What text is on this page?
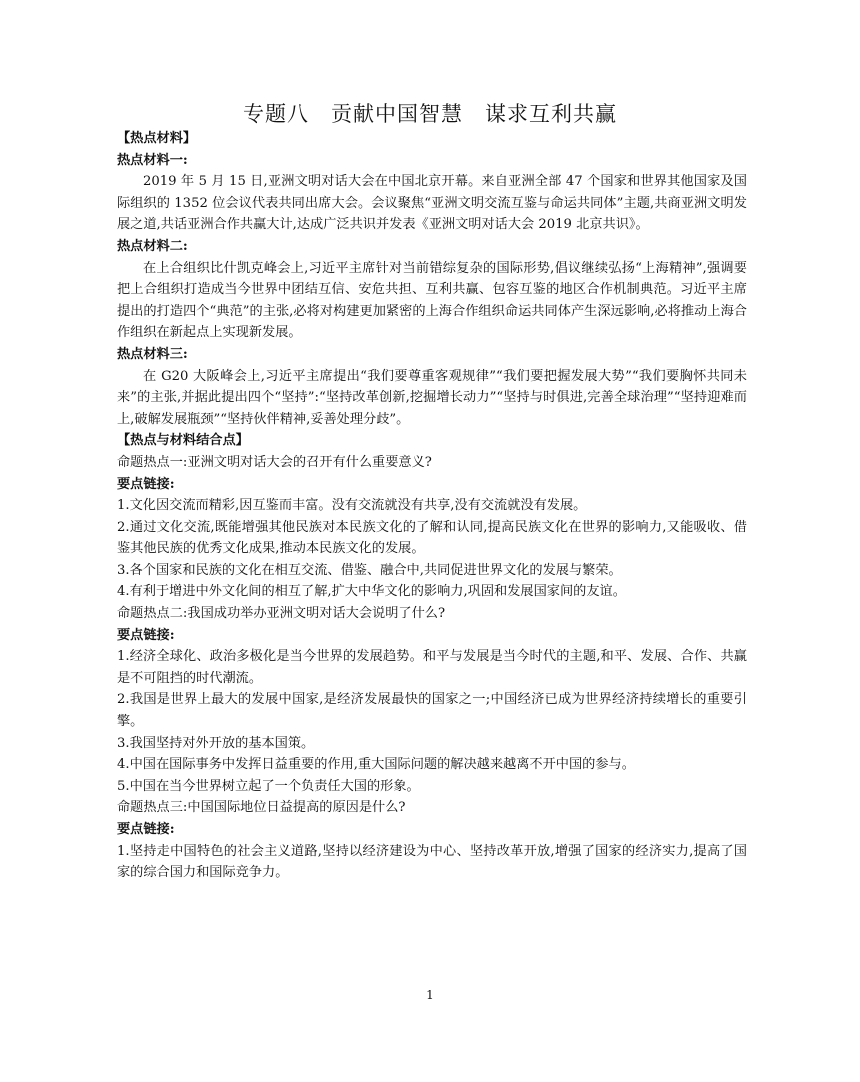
专题八　贡献中国智慧　谋求互利共赢

【热点材料】

热点材料一:

2019 年 5 月 15 日,亚洲文明对话大会在中国北京开幕。来自亚洲全部 47 个国家和世界其他国家及国际组织的 1352 位会议代表共同出席大会。会议聚焦“亚洲文明交流互鉴与命运共同体”主题,共商亚洲文明发展之道,共话亚洲合作共赢大计,达成广泛共识并发表《亚洲文明对话大会 2019 北京共识》。

热点材料二:

在上合组织比什凯克峰会上,习近平主席针对当前错综复杂的国际形势,倡议继续弘扬“上海精神”,强调要把上合组织打造成当今世界中团结互信、安危共担、互利共赢、包容互鉴的地区合作机制典范。习近平主席提出的打造四个“典范”的主张,必将对构建更加紧密的上海合作组织命运共同体产生深远影响,必将推动上海合作组织在新起点上实现新发展。

热点材料三:

在 G20 大阪峰会上,习近平主席提出“我们要尊重客观规律”“我们要把握发展大势”“我们要胸怀共同未来”的主张,并据此提出四个“坚持”:“坚持改革创新,挖掘增长动力”“坚持与时俱进,完善全球治理”“坚持迎难而上,破解发展瓶颈”“坚持伙伴精神,妥善处理分歧”。

【热点与材料结合点】

命题热点一:亚洲文明对话大会的召开有什么重要意义?

要点链接:

1.文化因交流而精彩,因互鉴而丰富。没有交流就没有共享,没有交流就没有发展。

2.通过文化交流,既能增强其他民族对本民族文化的了解和认同,提高民族文化在世界的影响力,又能吸收、借鉴其他民族的优秀文化成果,推动本民族文化的发展。

3.各个国家和民族的文化在相互交流、借鉴、融合中,共同促进世界文化的发展与繁荣。

4.有利于增进中外文化间的相互了解,扩大中华文化的影响力,巩固和发展国家间的友谊。

命题热点二:我国成功举办亚洲文明对话大会说明了什么?

要点链接:

1.经济全球化、政治多极化是当今世界的发展趋势。和平与发展是当今时代的主题,和平、发展、合作、共赢是不可阻挡的时代潮流。

2.我国是世界上最大的发展中国家,是经济发展最快的国家之一;中国经济已成为世界经济持续增长的重要引擎。

3.我国坚持对外开放的基本国策。

4.中国在国际事务中发挥日益重要的作用,重大国际问题的解决越来越离不开中国的参与。

5.中国在当今世界树立起了一个负责任大国的形象。

命题热点三:中国国际地位日益提高的原因是什么?

要点链接:

1.坚持走中国特色的社会主义道路,坚持以经济建设为中心、坚持改革开放,增强了国家的经济实力,提高了国家的综合国力和国际竞争力。

1
